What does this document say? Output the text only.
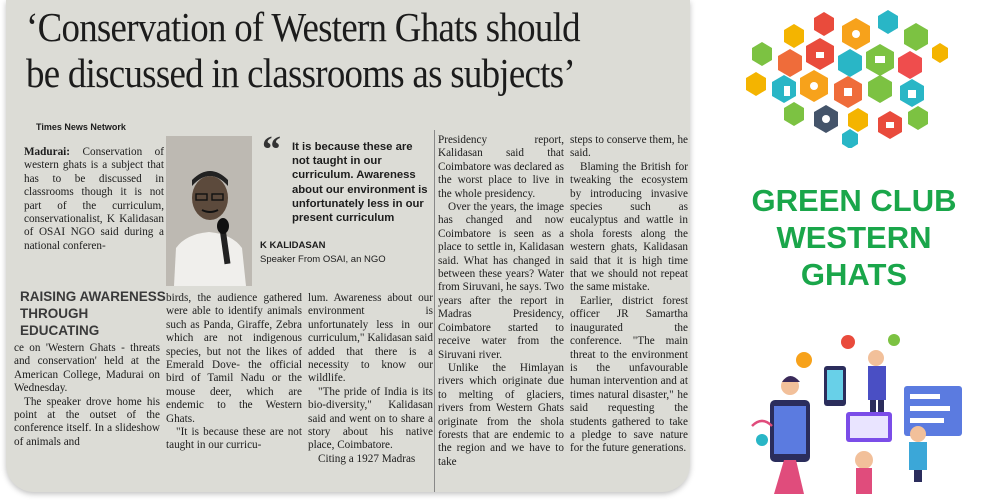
‘Conservation of Western Ghats should
be discussed in classrooms as subjects’
Times News Network

Madurai: Conservation of western ghats is a subject that has to be discussed in classrooms though it is not part of the curriculum, conservationalist, K Kalidasan of OSAI NGO said during a national conferen-

“ It is because these are not taught in our curriculum. Awareness about our environment is unfortunately less in our present curriculum

K KALIDASAN
Speaker From OSAI, an NGO
RAISING AWARENESS
THROUGH EDUCATING

ce on 'Western Ghats - threats and conservation' held at the American College, Madurai on Wednesday.

The speaker drove home his point at the outset of the conference itself. In a slideshow of animals and

birds, the audience gathered were able to identify animals such as Panda, Giraffe, Zebra which are not indigenous species, but not the likes of Emerald Dove- the official bird of Tamil Nadu or the mouse deer, which are endemic to the Western Ghats.

"It is because these are not taught in our curricu-

lum. Awareness about our environment is unfortunately less in our curriculum," Kalidasan said added that there is a necessity to know our wildlife.

"The pride of India is its bio-diversity," Kalidasan said and went on to share a story about his native place, Coimbatore.

Citing a 1927 Madras

Presidency report, Kalidasan said that Coimbatore was declared as the worst place to live in the whole presidency.

Over the years, the image has changed and now Coimbatore is seen as a place to settle in, Kalidasan said. What has changed in between these years? Water from Siruvani, he says. Two years after the report in Madras Presidency, Coimbatore started to receive water from the Siruvani river.

Unlike the Himlayan rivers which originate due to melting of glaciers, rivers from Western Ghats originate from the shola forests that are endemic to the region and we have to take

steps to conserve them, he said.

Blaming the British for tweaking the ecosystem by introducing invasive species such as eucalyptus and wattle in shola forests along the western ghats, Kalidasan said that it is high time that we should not repeat the same mistake.

Earlier, district forest officer JR Samartha inaugurated the conference. "The main threat to the environment is the unfavourable human intervention and at times natural disaster," he said requesting the students gathered to take a pledge to save nature for the future generations.

GREEN CLUB
WESTERN
GHATS
